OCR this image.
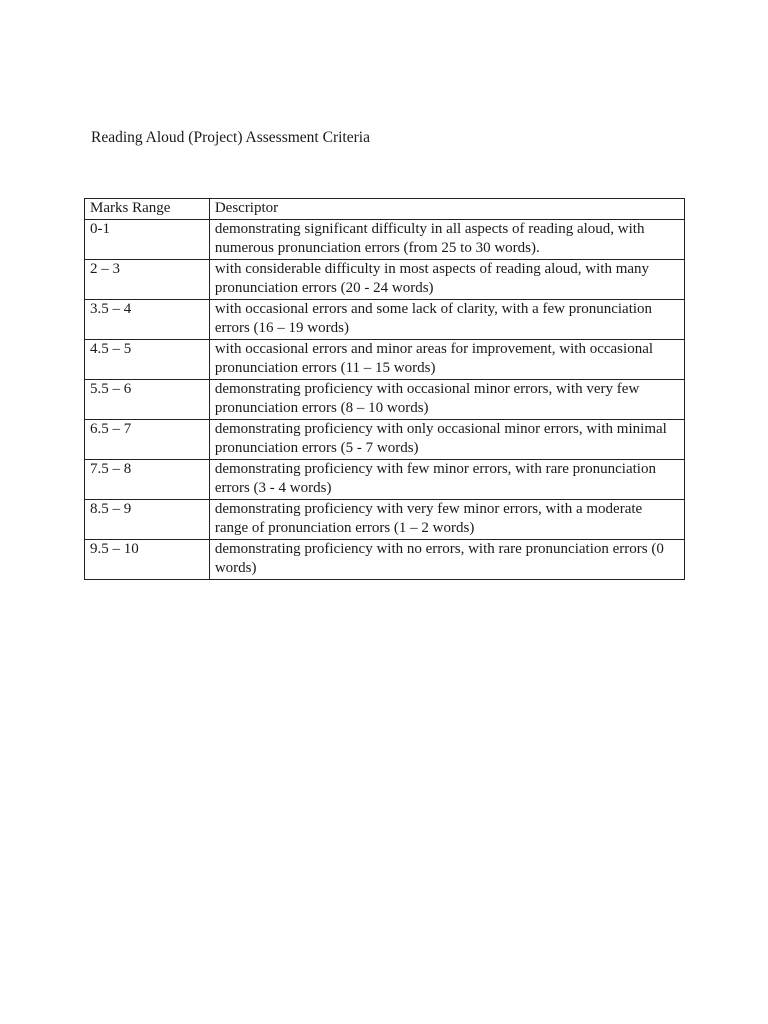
Reading Aloud (Project) Assessment Criteria
Marks Range	Descriptor
0-1	demonstrating significant difficulty in all aspects of reading aloud, with numerous pronunciation errors (from 25 to 30 words).
2 – 3	with considerable difficulty in most aspects of reading aloud, with many pronunciation errors (20 - 24 words)
3.5 – 4	with occasional errors and some lack of clarity, with a few pronunciation errors (16 – 19 words)
4.5 – 5	with occasional errors and minor areas for improvement, with occasional pronunciation errors (11 – 15 words)
5.5 – 6	demonstrating proficiency with occasional minor errors, with very few pronunciation errors (8 – 10 words)
6.5 – 7	demonstrating proficiency with only occasional minor errors, with minimal pronunciation errors (5 - 7 words)
7.5 – 8	demonstrating proficiency with few minor errors, with rare pronunciation errors (3 - 4 words)
8.5 – 9	demonstrating proficiency with very few minor errors, with a moderate range of pronunciation errors (1 – 2 words)
9.5 – 10	demonstrating proficiency with no errors, with rare pronunciation errors (0 words)
